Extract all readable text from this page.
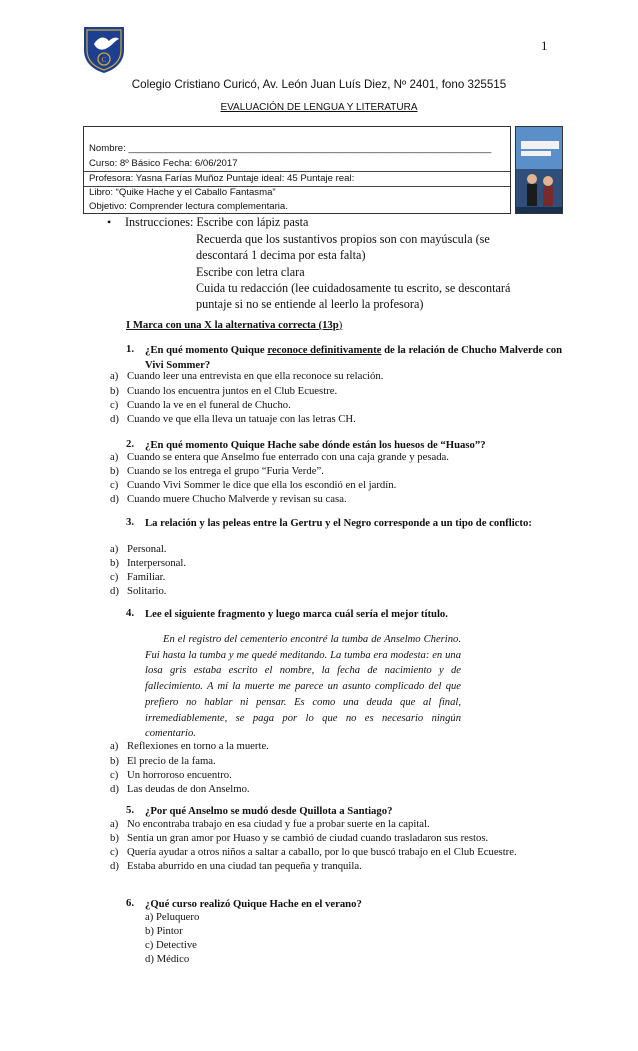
1
C
Colegio Cristiano Curicó, Av. León Juan Luís Diez, Nº 2401, fono 325515
EVALUACIÓN DE LENGUA Y LITERATURA
Nombre: ____________________________________________________________________
Curso: 8º Básico Fecha: 6/06/2017
Profesora: Yasna Farías Muñoz Puntaje ideal: 45 Puntaje real:
Libro: “Quike Hache y el Caballo Fantasma”
Objetivo: Comprender lectura complementaria.
• Instrucciones: Escribe con lápiz pasta
Recuerda que los sustantivos propios son con mayúscula (se
descontará 1 decima por esta falta)
Escribe con letra clara
Cuida tu redacción (lee cuidadosamente tu escrito, se descontará
puntaje si no se entiende al leerlo la profesora)
I Marca con una X la alternativa correcta (13p)
1. ¿En qué momento Quique reconoce definitivamente de la relación de Chucho Malverde con Vivi Sommer?
a) Cuando leer una entrevista en que ella reconoce su relación.
b) Cuando los encuentra juntos en el Club Ecuestre.
c) Cuando la ve en el funeral de Chucho.
d) Cuando ve que ella lleva un tatuaje con las letras CH.
2. ¿En qué momento Quique Hache sabe dónde están los huesos de “Huaso”?
a) Cuando se entera que Anselmo fue enterrado con una caja grande y pesada.
b) Cuando se los entrega el grupo “Furia Verde”.
c) Cuando Vivi Sommer le dice que ella los escondió en el jardín.
d) Cuando muere Chucho Malverde y revisan su casa.
3. La relación y las peleas entre la Gertru y el Negro corresponde a un tipo de conflicto:
a) Personal.
b) Interpersonal.
c) Familiar.
d) Solitario.
4. Lee el siguiente fragmento y luego marca cuál sería el mejor título.
En el registro del cementerio encontré la tumba de Anselmo Cherino. Fui hasta la tumba y me quedé meditando. La tumba era modesta: en una losa gris estaba escrito el nombre, la fecha de nacimiento y de fallecimiento. A mí la muerte me parece un asunto complicado del que prefiero no hablar ni pensar. Es como una deuda que al final, irremediablemente, se paga por lo que no es necesario ningún comentario.
a) Reflexiones en torno a la muerte.
b) El precio de la fama.
c) Un horroroso encuentro.
d) Las deudas de don Anselmo.
5. ¿Por qué Anselmo se mudó desde Quillota a Santiago?
a) No encontraba trabajo en esa ciudad y fue a probar suerte en la capital.
b) Sentía un gran amor por Huaso y se cambió de ciudad cuando trasladaron sus restos.
c) Quería ayudar a otros niños a saltar a caballo, por lo que buscó trabajo en el Club Ecuestre.
d) Estaba aburrido en una ciudad tan pequeña y tranquila.
6. ¿Qué curso realizó Quique Hache en el verano?
a) Peluquero
b) Pintor
c) Detective
d) Médico
